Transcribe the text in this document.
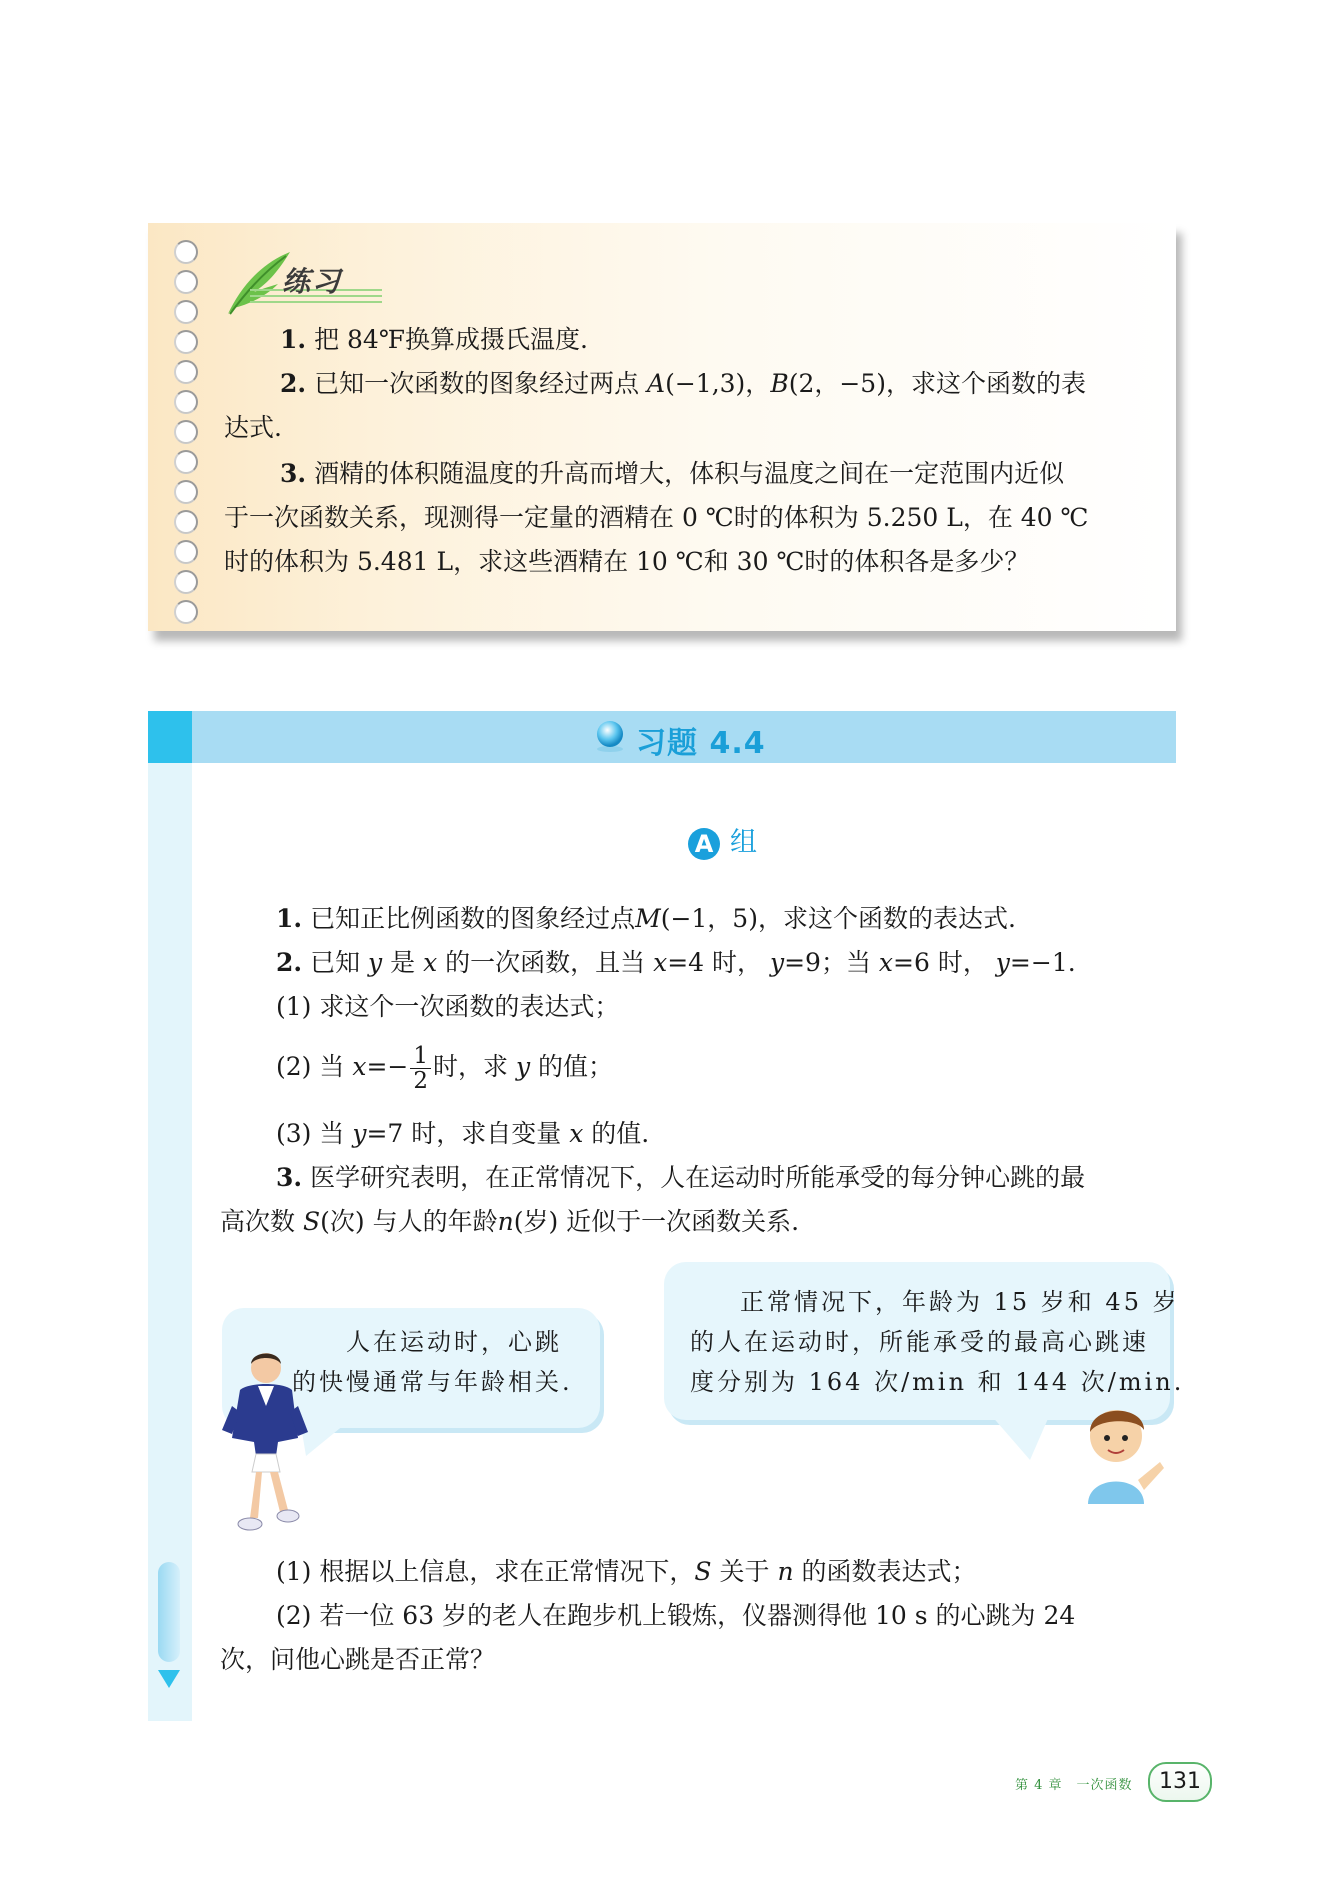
练习
1. 把 84℉换算成摄氏温度.
2. 已知一次函数的图象经过两点 A(−1,3)，B(2，−5)，求这个函数的表
达式.
3. 酒精的体积随温度的升高而增大，体积与温度之间在一定范围内近似
于一次函数关系，现测得一定量的酒精在 0 ℃时的体积为 5.250 L，在 40 ℃
时的体积为 5.481 L，求这些酒精在 10 ℃和 30 ℃时的体积各是多少？
习题 4.4
A 组
1. 已知正比例函数的图象经过点M(−1，5)，求这个函数的表达式.
2. 已知 y 是 x 的一次函数，且当 x=4 时， y=9；当 x=6 时， y=−1.
(1) 求这个一次函数的表达式；
(2) 当 $x=- \frac{1}{2}$ 时，求 y 的值；
(3) 当 y=7 时，求自变量 x 的值.
3. 医学研究表明，在正常情况下，人在运动时所能承受的每分钟心跳的最
高次数 S(次) 与人的年龄n(岁) 近似于一次函数关系.
人在运动时，心跳
的快慢通常与年龄相关.
正常情况下，年龄为 15 岁和 45 岁
的人在运动时，所能承受的最高心跳速
度分别为 164 次/min 和 144 次/min.
(1) 根据以上信息，求在正常情况下，S 关于 n 的函数表达式；
(2) 若一位 63 岁的老人在跑步机上锻炼，仪器测得他 10 s 的心跳为 24
次，问他心跳是否正常？
第 4 章　一次函数	131
